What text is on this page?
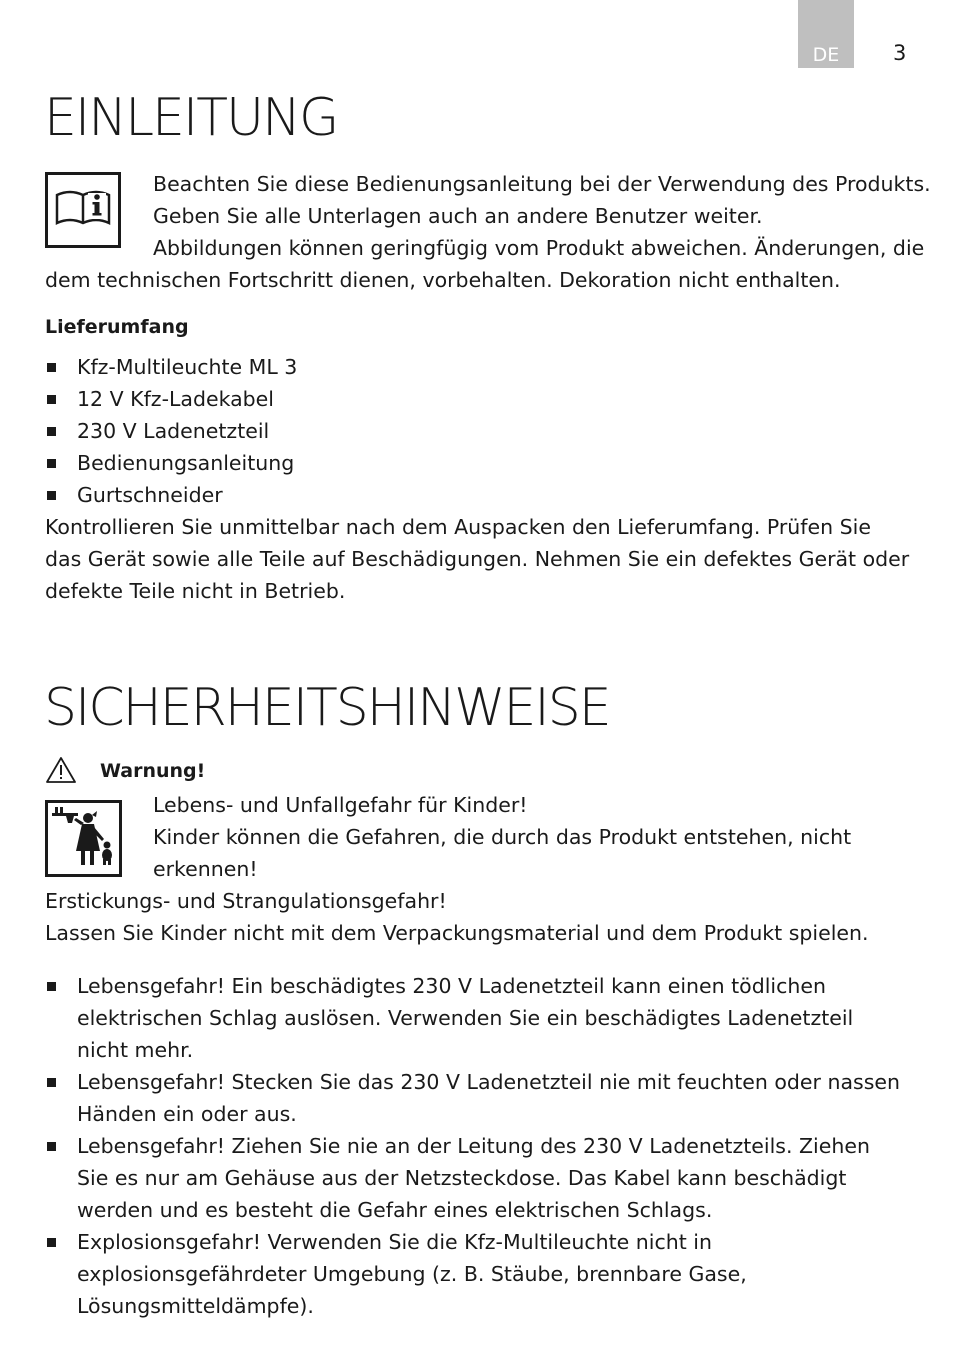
DE	3
EINLEITUNG
Beachten Sie diese Bedienungsanleitung bei der Verwendung des Produkts.
Geben Sie alle Unterlagen auch an andere Benutzer weiter.
Abbildungen können geringfügig vom Produkt abweichen. Änderungen, die
dem technischen Fortschritt dienen, vorbehalten. Dekoration nicht enthalten.
Lieferumfang
Kfz-Multileuchte ML 3
12 V Kfz-Ladekabel
230 V Ladenetzteil
Bedienungsanleitung
Gurtschneider
Kontrollieren Sie unmittelbar nach dem Auspacken den Lieferumfang. Prüfen Sie das Gerät sowie alle Teile auf Beschädigungen. Nehmen Sie ein defektes Gerät oder defekte Teile nicht in Betrieb.
SICHERHEITSHINWEISE
Warnung!
Lebens- und Unfallgefahr für Kinder!
Kinder können die Gefahren, die durch das Produkt entstehen, nicht
erkennen!
Erstickungs- und Strangulationsgefahr!
Lassen Sie Kinder nicht mit dem Verpackungsmaterial und dem Produkt spielen.
Lebensgefahr! Ein beschädigtes 230 V Ladenetzteil kann einen tödlichen elektrischen Schlag auslösen. Verwenden Sie ein beschädigtes Ladenetzteil nicht mehr.
Lebensgefahr! Stecken Sie das 230 V Ladenetzteil nie mit feuchten oder nassen Händen ein oder aus.
Lebensgefahr! Ziehen Sie nie an der Leitung des 230 V Ladenetzteils. Ziehen Sie es nur am Gehäuse aus der Netzsteckdose. Das Kabel kann beschädigt werden und es besteht die Gefahr eines elektrischen Schlags.
Explosionsgefahr! Verwenden Sie die Kfz-Multileuchte nicht in explosionsgefährdeter Umgebung (z. B. Stäube, brennbare Gase, Lösungsmitteldämpfe).
